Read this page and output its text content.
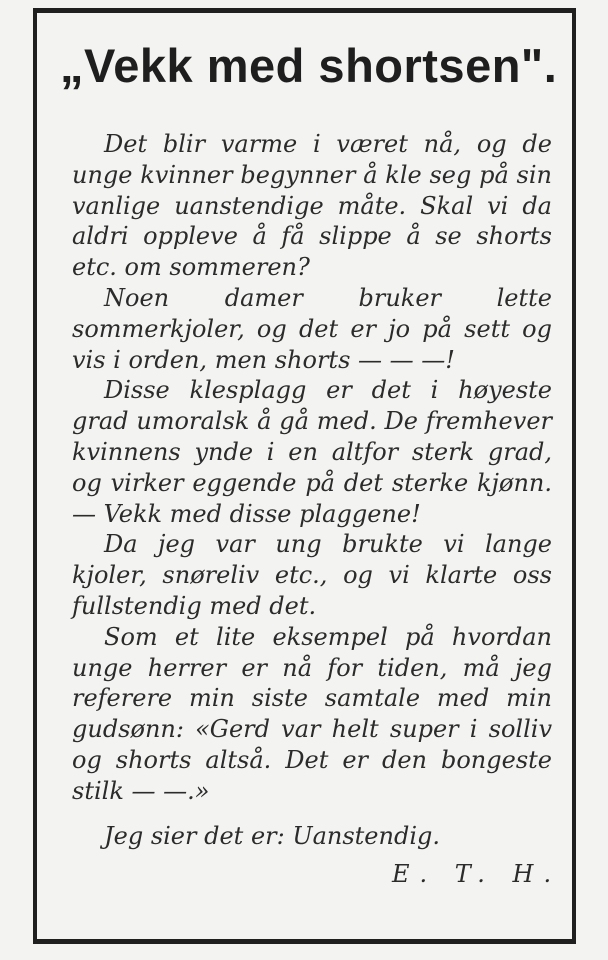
„Vekk med shortsen".

Det blir varme i været nå, og de unge kvinner begynner å kle seg på sin vanlige uanstendige måte. Skal vi da aldri oppleve å få slippe å se shorts etc. om sommeren?

Noen damer bruker lette sommerkjoler, og det er jo på sett og vis i orden, men shorts — — —!

Disse klesplagg er det i høyeste grad umoralsk å gå med. De fremhever kvinnens ynde i en altfor sterk grad, og virker eggende på det sterke kjønn. — Vekk med disse plaggene!

Da jeg var ung brukte vi lange kjoler, snøreliv etc., og vi klarte oss fullstendig med det.

Som et lite eksempel på hvordan unge herrer er nå for tiden, må jeg referere min siste samtale med min gudsønn: «Gerd var helt super i solliv og shorts altså. Det er den bongeste stilk — —.»

Jeg sier det er: Uanstendig.

E. T. H.
